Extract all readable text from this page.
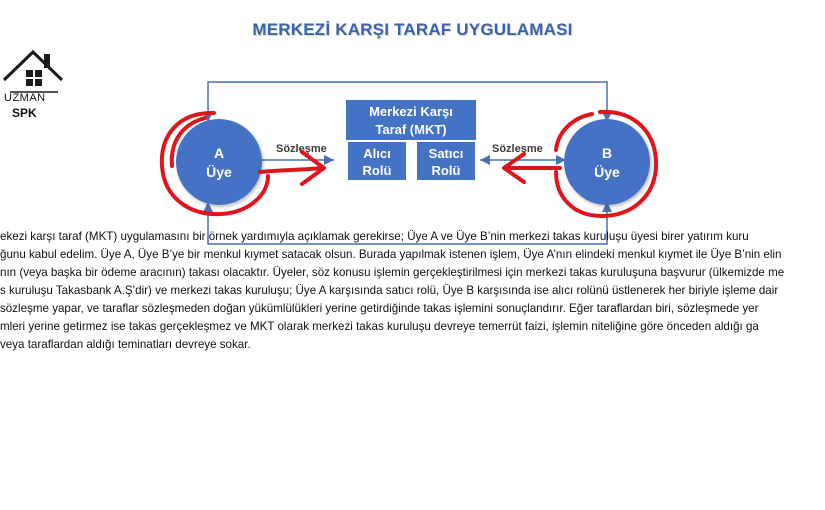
MERKEZİ KARŞI TARAF UYGULAMASI
UZMAN
SPK
Sözleşme	Sözleşme
A
Üye
B
Üye
Merkezi Karşı
Taraf (MKT)
Alıcı
Rolü
Satıcı
Rolü
ekezi karşı taraf (MKT) uygulamasını bir örnek yardımıyla açıklamak gerekirse; Üye A ve Üye B’nin merkezi takas kuruluşu üyesi birer yatırım kuru
ğunu kabul edelim. Üye A, Üye B’ye bir menkul kıymet satacak olsun. Burada yapılmak istenen işlem, Üye A’nın elindeki menkul kıymet ile Üye B’nin elin
nın (veya başka bir ödeme aracının) takası olacaktır. Üyeler, söz konusu işlemin gerçekleştirilmesi için merkezi takas kuruluşuna başvurur (ülkemizde me
s kuruluşu Takasbank A.Ş’dir) ve merkezi takas kuruluşu; Üye A karşısında satıcı rolü, Üye B karşısında ise alıcı rolünü üstlenerek her biriyle işleme dair
sözleşme yapar, ve taraflar sözleşmeden doğan yükümlülükleri yerine getirdiğinde takas işlemini sonuçlandırır. Eğer taraflardan biri, sözleşmede yer
mleri yerine getirmez ise takas gerçekleşmez ve MKT olarak merkezi takas kuruluşu devreye temerrüt faizi, işlemin niteliğine göre önceden aldığı ga
veya taraflardan aldığı teminatları devreye sokar.
